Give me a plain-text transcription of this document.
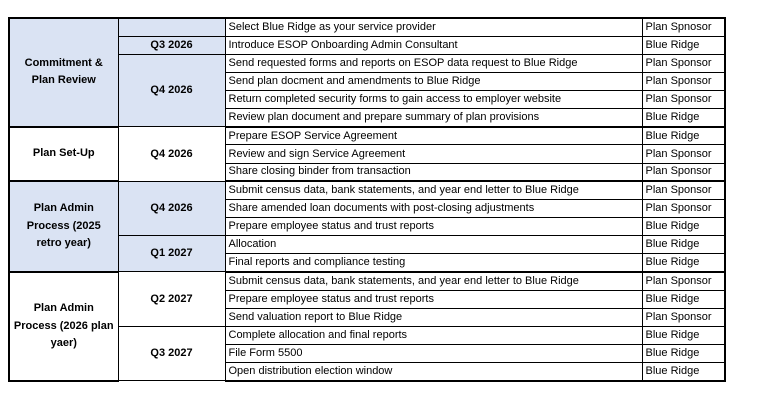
Commitment & Plan Review		Select Blue Ridge as your service provider	Plan Spnosor
	Q3 2026	Introduce ESOP Onboarding Admin Consultant	Blue Ridge
	Q4 2026	Send requested forms and reports on ESOP data request to Blue Ridge	Plan Sponsor
		Send plan docment and amendments to Blue Ridge	Plan Sponsor
		Return completed security forms to gain access to employer website	Plan Sponsor
		Review plan document and prepare summary of plan provisions	Blue Ridge
Plan Set-Up	Q4 2026	Prepare ESOP Service Agreement	Blue Ridge
		Review and sign Service Agreement	Plan Sponsor
		Share closing binder from transaction	Plan Sponsor
Plan Admin Process (2025 retro year)	Q4 2026	Submit census data, bank statements, and year end letter to Blue Ridge	Plan Sponsor
		Share amended loan documents with post-closing adjustments	Plan Sponsor
		Prepare employee status and trust reports	Blue Ridge
	Q1 2027	Allocation	Blue Ridge
		Final reports and compliance testing	Blue Ridge
Plan Admin Process (2026 plan yaer)	Q2 2027	Submit census data, bank statements, and year end letter to Blue Ridge	Plan Sponsor
		Prepare employee status and trust reports	Blue Ridge
		Send valuation report to Blue Ridge	Plan Sponsor
	Q3 2027	Complete allocation and final reports	Blue Ridge
		File Form 5500	Blue Ridge
		Open distribution election window	Blue Ridge
